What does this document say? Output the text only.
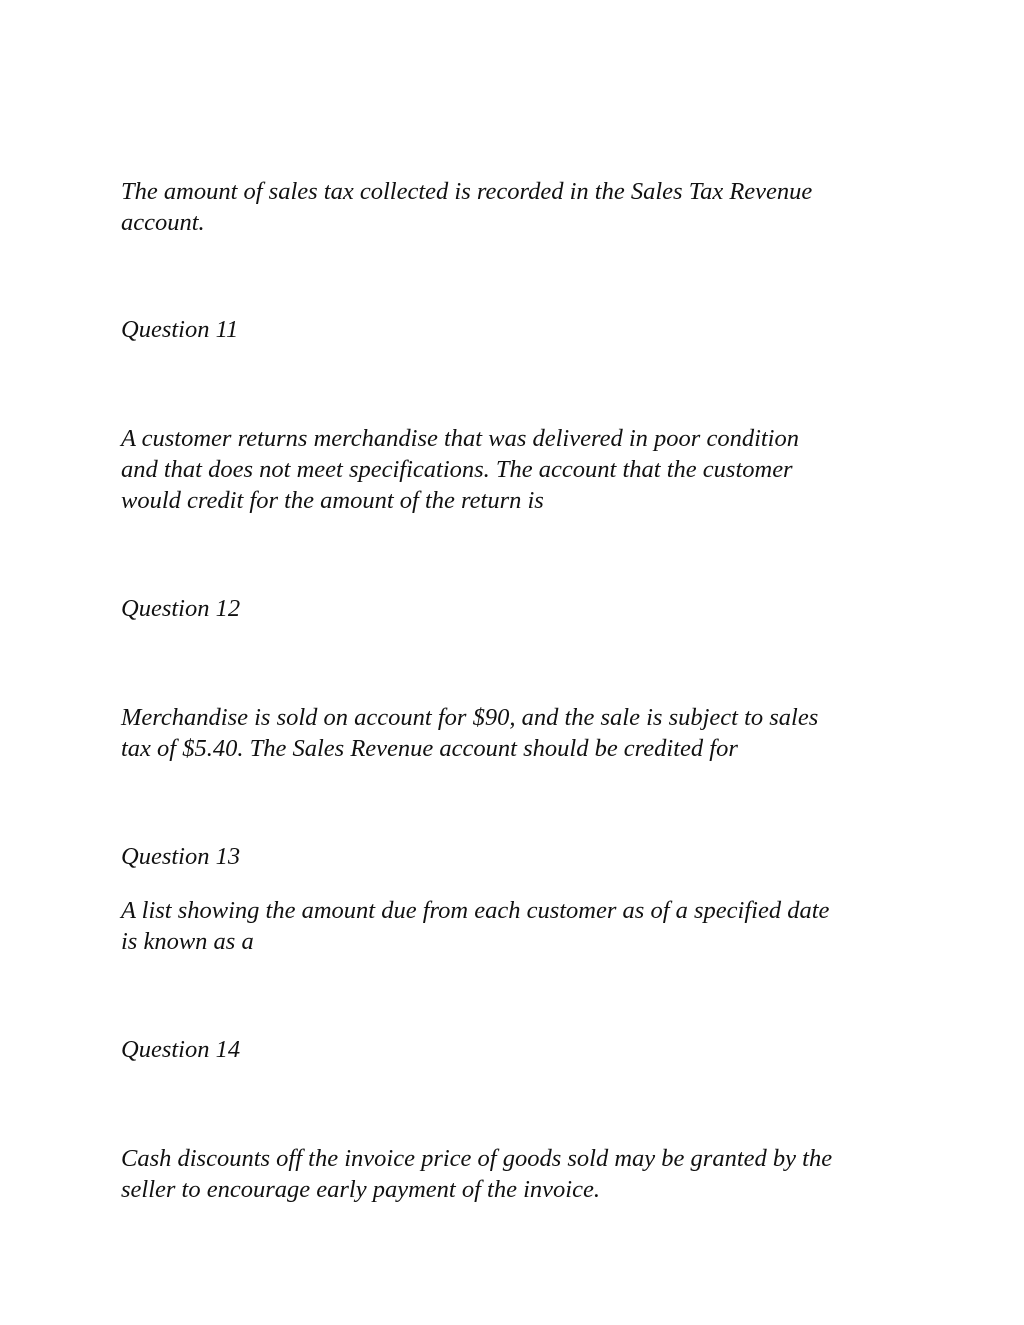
The amount of sales tax collected is recorded in the Sales Tax Revenue
account.

Question 11

A customer returns merchandise that was delivered in poor condition
and that does not meet specifications. The account that the customer
would credit for the amount of the return is

Question 12

Merchandise is sold on account for $90, and the sale is subject to sales
tax of $5.40. The Sales Revenue account should be credited for

Question 13

A list showing the amount due from each customer as of a specified date
is known as a

Question 14

Cash discounts off the invoice price of goods sold may be granted by the
seller to encourage early payment of the invoice.
